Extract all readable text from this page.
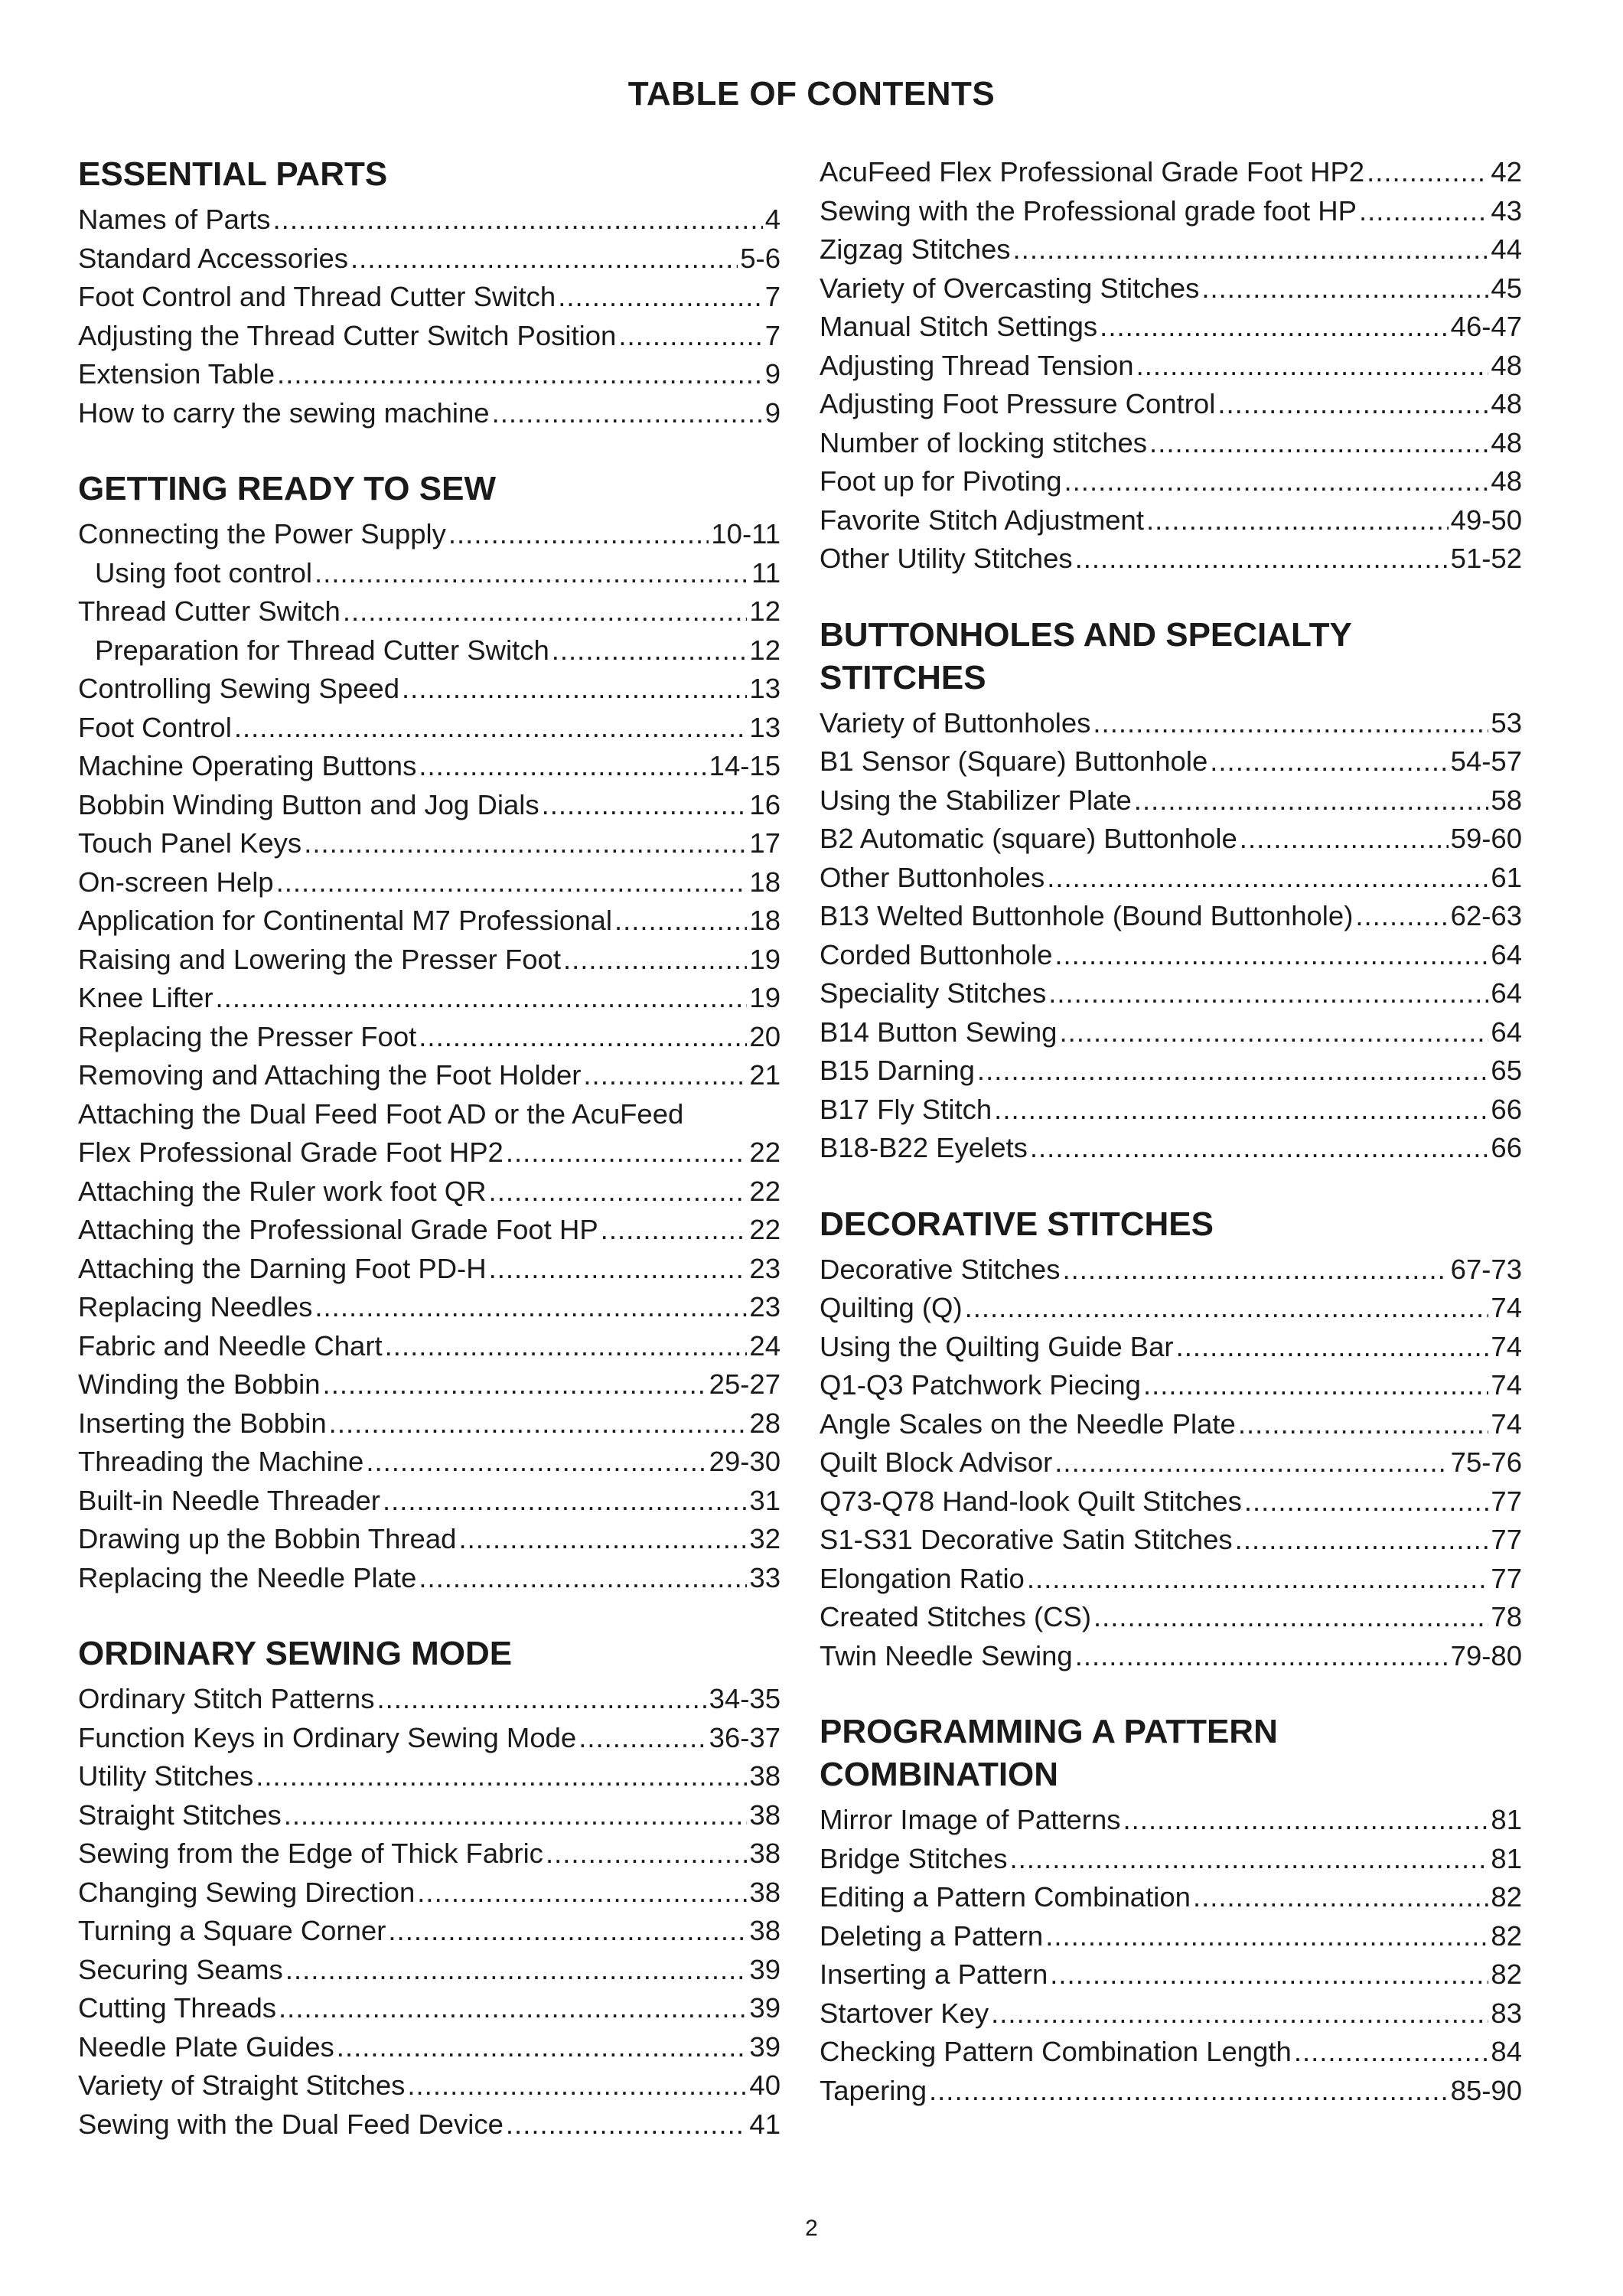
TABLE OF CONTENTS
ESSENTIAL PARTS
Names of Parts .....	4
Standard Accessories .....	5-6
Foot Control and Thread Cutter Switch .....	7
Adjusting the Thread Cutter Switch Position .....	7
Extension Table .....	9
How to carry the sewing machine .....	9
GETTING READY TO SEW
Connecting the Power Supply .....	10-11
Using foot control .....	11
Thread Cutter Switch .....	12
Preparation for Thread Cutter Switch .....	12
Controlling Sewing Speed .....	13
Foot Control .....	13
Machine Operating Buttons .....	14-15
Bobbin Winding Button and Jog Dials .....	16
Touch Panel Keys .....	17
On-screen Help .....	18
Application for Continental M7 Professional .....	18
Raising and Lowering the Presser Foot .....	19
Knee Lifter .....	19
Replacing the Presser Foot .....	20
Removing and Attaching the Foot Holder .....	21
Attaching the Dual Feed Foot AD or the AcuFeed
Flex Professional Grade Foot HP2 .....	22
Attaching the Ruler work foot QR .....	22
Attaching the Professional Grade Foot HP .....	22
Attaching the Darning Foot PD-H .....	23
Replacing Needles .....	23
Fabric and Needle Chart .....	24
Winding the Bobbin .....	25-27
Inserting the Bobbin .....	28
Threading the Machine .....	29-30
Built-in Needle Threader .....	31
Drawing up the Bobbin Thread .....	32
Replacing the Needle Plate .....	33
ORDINARY SEWING MODE
Ordinary Stitch Patterns .....	34-35
Function Keys in Ordinary Sewing Mode .....	36-37
Utility Stitches .....	38
Straight Stitches .....	38
Sewing from the Edge of Thick Fabric .....	38
Changing Sewing Direction .....	38
Turning a Square Corner .....	38
Securing Seams .....	39
Cutting Threads .....	39
Needle Plate Guides .....	39
Variety of Straight Stitches .....	40
Sewing with the Dual Feed Device .....	41
AcuFeed Flex Professional Grade Foot HP2 .....	42
Sewing with the Professional grade foot HP .....	43
Zigzag Stitches .....	44
Variety of Overcasting Stitches .....	45
Manual Stitch Settings .....	46-47
Adjusting Thread Tension .....	48
Adjusting Foot Pressure Control .....	48
Number of locking stitches .....	48
Foot up for Pivoting .....	48
Favorite Stitch Adjustment .....	49-50
Other Utility Stitches .....	51-52
BUTTONHOLES AND SPECIALTY STITCHES
Variety of Buttonholes .....	53
B1 Sensor (Square) Buttonhole .....	54-57
Using the Stabilizer Plate .....	58
B2 Automatic (square) Buttonhole .....	59-60
Other Buttonholes .....	61
B13 Welted Buttonhole (Bound Buttonhole) .....	62-63
Corded Buttonhole .....	64
Speciality Stitches .....	64
B14 Button Sewing .....	64
B15 Darning .....	65
B17 Fly Stitch .....	66
B18-B22 Eyelets .....	66
DECORATIVE STITCHES
Decorative Stitches .....	67-73
Quilting (Q) .....	74
Using the Quilting Guide Bar .....	74
Q1-Q3 Patchwork Piecing .....	74
Angle Scales on the Needle Plate .....	74
Quilt Block Advisor .....	75-76
Q73-Q78 Hand-look Quilt Stitches .....	77
S1-S31 Decorative Satin Stitches .....	77
Elongation Ratio .....	77
Created Stitches (CS) .....	78
Twin Needle Sewing .....	79-80
PROGRAMMING A PATTERN COMBINATION
Mirror Image of Patterns .....	81
Bridge Stitches .....	81
Editing a Pattern Combination .....	82
Deleting a Pattern .....	82
Inserting a Pattern .....	82
Startover Key .....	83
Checking Pattern Combination Length .....	84
Tapering .....	85-90
2
